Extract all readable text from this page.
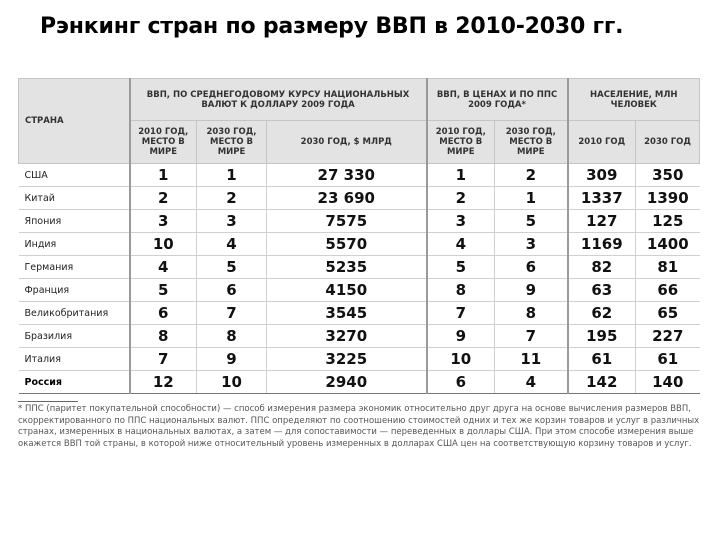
Рэнкинг стран по размеру ВВП в 2010-2030 гг.
СТРАНА	ВВП, ПО СРЕДНЕГОДОВОМУ КУРСУ НАЦИОНАЛЬНЫХ ВАЛЮТ К ДОЛЛАРУ 2009 ГОДА			ВВП, В ЦЕНАХ И ПО ППС 2009 ГОДА*		НАСЕЛЕНИЕ, МЛН ЧЕЛОВЕК	
	2010 ГОД, МЕСТО В МИРЕ	2030 ГОД, МЕСТО В МИРЕ	2030 ГОД, $ МЛРД	2010 ГОД, МЕСТО В МИРЕ	2030 ГОД, МЕСТО В МИРЕ	2010 ГОД	2030 ГОД
США	1	1	27 330	1	2	309	350
Китай	2	2	23 690	2	1	1337	1390
Япония	3	3	7575	3	5	127	125
Индия	10	4	5570	4	3	1169	1400
Германия	4	5	5235	5	6	82	81
Франция	5	6	4150	8	9	63	66
Великобритания	6	7	3545	7	8	62	65
Бразилия	8	8	3270	9	7	195	227
Италия	7	9	3225	10	11	61	61
Россия	12	10	2940	6	4	142	140
* ППС (паритет покупательной способности) — способ измерения размера экономик относительно друг друга на основе вычисления размеров ВВП, скорректированного по ППС национальных валют. ППС определяют по соотношению стоимостей одних и тех же корзин товаров и услуг в различных странах, измеренных в национальных валютах, а затем — для сопоставимости — переведенных в доллары США. При этом способе измерения выше окажется ВВП той страны, в которой ниже относительный уровень измеренных в долларах США цен на соответствующую корзину товаров и услуг.
